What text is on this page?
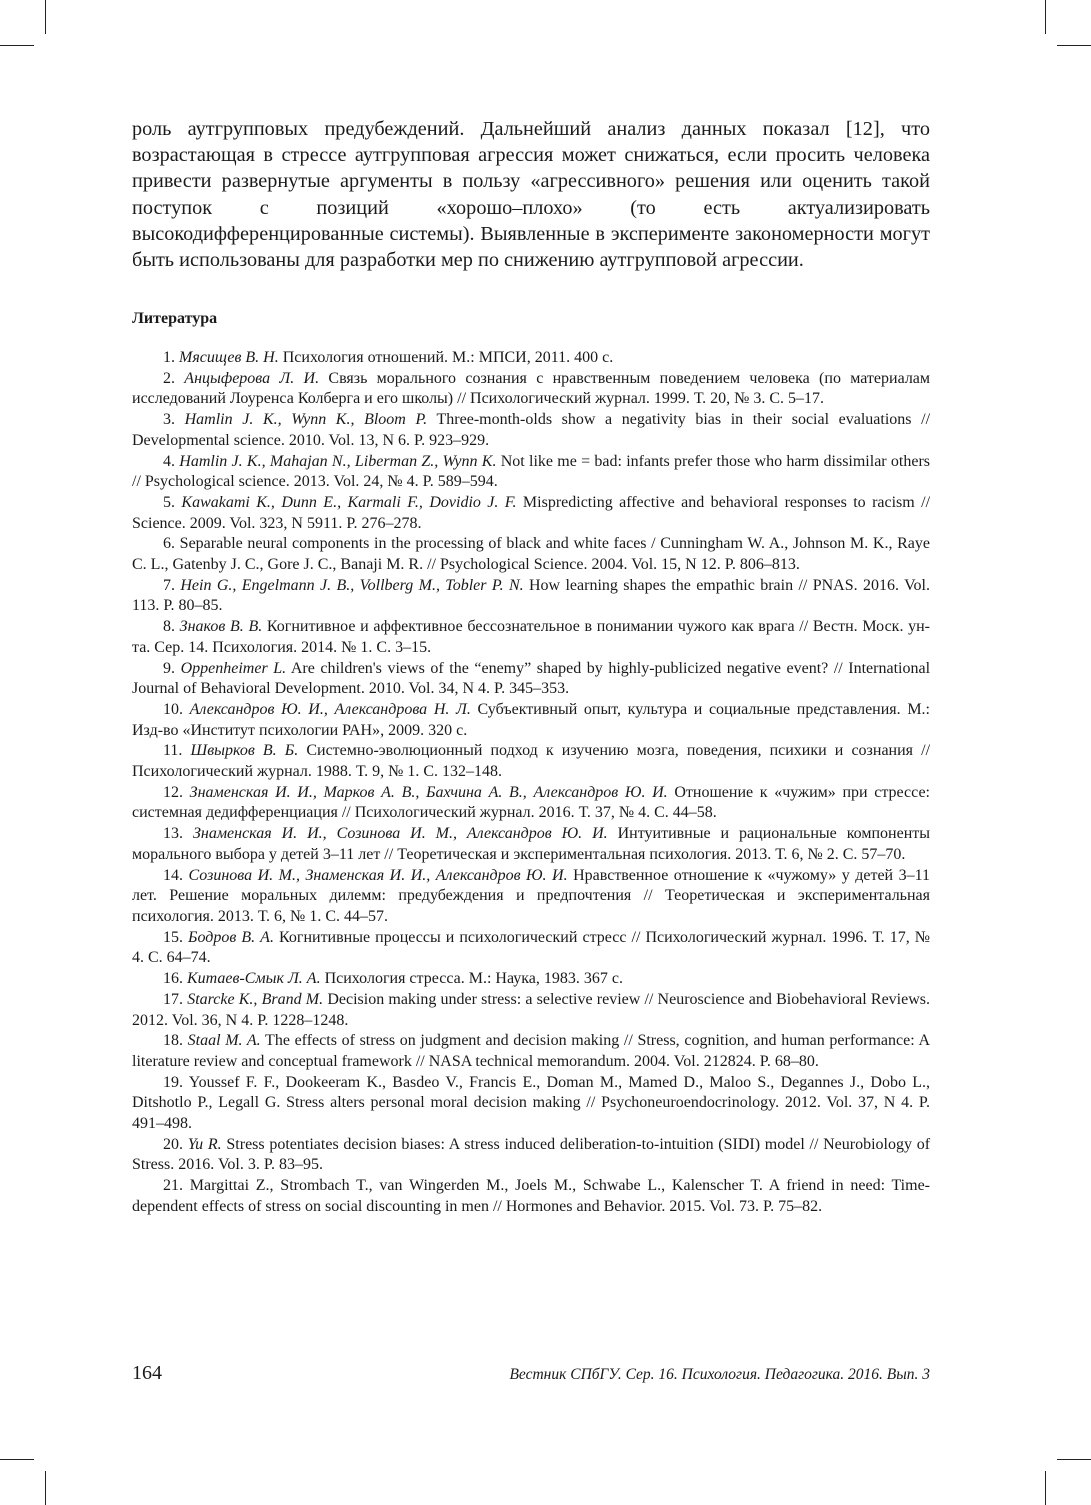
роль аутгрупповых предубеждений. Дальнейший анализ данных показал [12], что возрастающая в стрессе аутгрупповая агрессия может снижаться, если просить человека привести развернутые аргументы в пользу «агрессивного» решения или оценить такой поступок с позиций «хорошо–плохо» (то есть актуализировать высокодифференцированные системы). Выявленные в эксперименте закономерности могут быть использованы для разработки мер по снижению аутгрупповой агрессии.

Литература
1. Мясищев В. Н. Психология отношений. М.: МПСИ, 2011. 400 с.
2. Анцыферова Л. И. Связь морального сознания с нравственным поведением человека (по материалам исследований Лоуренса Колберга и его школы) // Психологический журнал. 1999. Т. 20, № 3. С. 5–17.
3. Hamlin J. K., Wynn K., Bloom P. Three-month-olds show a negativity bias in their social evaluations // Developmental science. 2010. Vol. 13, N 6. P. 923–929.
4. Hamlin J. K., Mahajan N., Liberman Z., Wynn K. Not like me = bad: infants prefer those who harm dissimilar others // Psychological science. 2013. Vol. 24, № 4. P. 589–594.
5. Kawakami K., Dunn E., Karmali F., Dovidio J. F. Mispredicting affective and behavioral responses to racism // Science. 2009. Vol. 323, N 5911. P. 276–278.
6. Separable neural components in the processing of black and white faces / Cunningham W. A., Johnson M. K., Raye C. L., Gatenby J. C., Gore J. C., Banaji M. R. // Psychological Science. 2004. Vol. 15, N 12. P. 806–813.
7. Hein G., Engelmann J. B., Vollberg M., Tobler P. N. How learning shapes the empathic brain // PNAS. 2016. Vol. 113. P. 80–85.
8. Знаков В. В. Когнитивное и аффективное бессознательное в понимании чужого как врага // Вестн. Моск. ун-та. Сер. 14. Психология. 2014. № 1. С. 3–15.
9. Oppenheimer L. Are children's views of the “enemy” shaped by highly-publicized negative event? // International Journal of Behavioral Development. 2010. Vol. 34, N 4. P. 345–353.
10. Александров Ю. И., Александрова Н. Л. Субъективный опыт, культура и социальные представления. М.: Изд-во «Институт психологии РАН», 2009. 320 с.
11. Швырков В. Б. Системно-эволюционный подход к изучению мозга, поведения, психики и сознания // Психологический журнал. 1988. Т. 9, № 1. С. 132–148.
12. Знаменская И. И., Марков А. В., Бахчина А. В., Александров Ю. И. Отношение к «чужим» при стрессе: системная дедифференциация // Психологический журнал. 2016. Т. 37, № 4. С. 44–58.
13. Знаменская И. И., Созинова И. М., Александров Ю. И. Интуитивные и рациональные компоненты морального выбора у детей 3–11 лет // Теоретическая и экспериментальная психология. 2013. Т. 6, № 2. С. 57–70.
14. Созинова И. М., Знаменская И. И., Александров Ю. И. Нравственное отношение к «чужому» у детей 3–11 лет. Решение моральных дилемм: предубеждения и предпочтения // Теоретическая и экспериментальная психология. 2013. Т. 6, № 1. С. 44–57.
15. Бодров В. А. Когнитивные процессы и психологический стресс // Психологический журнал. 1996. Т. 17, № 4. С. 64–74.
16. Китаев-Смык Л. А. Психология стресса. М.: Наука, 1983. 367 с.
17. Starcke K., Brand M. Decision making under stress: a selective review // Neuroscience and Biobehavioral Reviews. 2012. Vol. 36, N 4. P. 1228–1248.
18. Staal M. A. The effects of stress on judgment and decision making // Stress, cognition, and human performance: A literature review and conceptual framework // NASA technical memorandum. 2004. Vol. 212824. P. 68–80.
19. Youssef F. F., Dookeeram K., Basdeo V., Francis E., Doman M., Mamed D., Maloo S., Degannes J., Dobo L., Ditshotlo P., Legall G. Stress alters personal moral decision making // Psychoneuroendocrinology. 2012. Vol. 37, N 4. P. 491–498.
20. Yu R. Stress potentiates decision biases: A stress induced deliberation-to-intuition (SIDI) model // Neurobiology of Stress. 2016. Vol. 3. P. 83–95.
21. Margittai Z., Strombach T., van Wingerden M., Joels M., Schwabe L., Kalenscher T. A friend in need: Time-dependent effects of stress on social discounting in men // Hormones and Behavior. 2015. Vol. 73. P. 75–82.
164	Вестник СПбГУ. Сер. 16. Психология. Педагогика. 2016. Вып. 3
